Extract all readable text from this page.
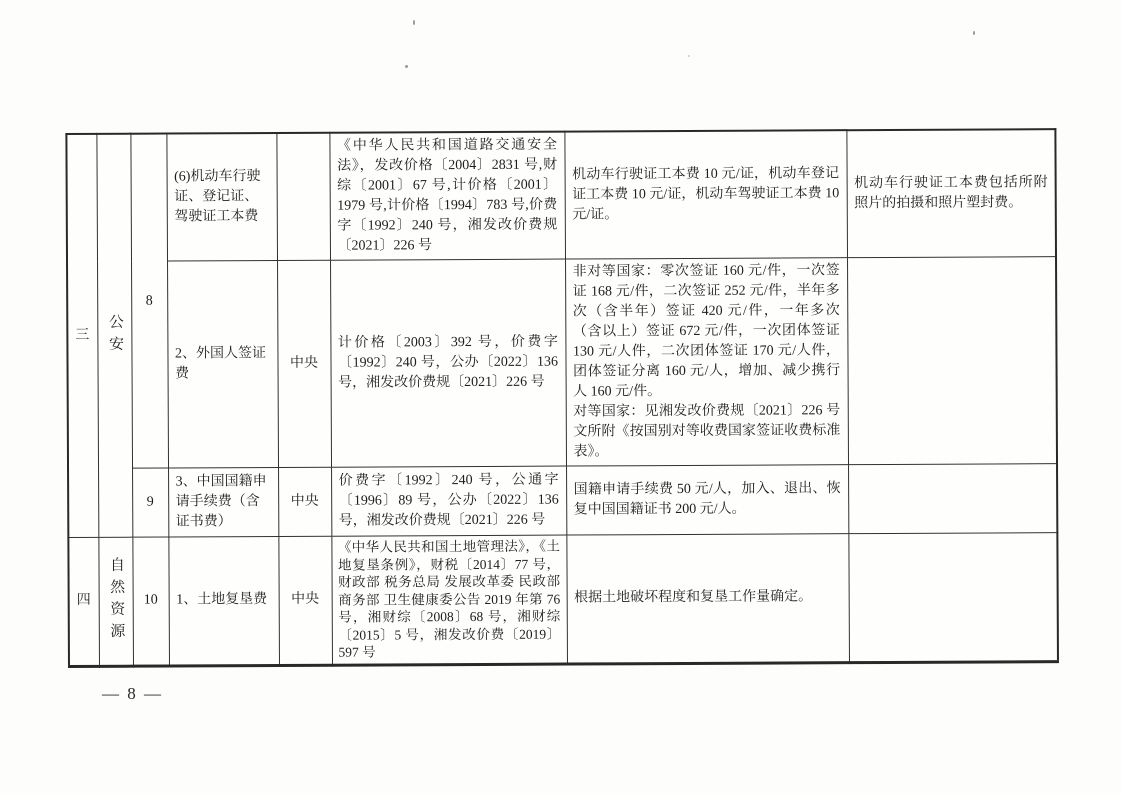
三	公安	8	(6)机动车行驶证、登记证、驾驶证工本费		《中华人民共和国道路交通安全法》，发改价格〔2004〕2831 号,财综〔2001〕67 号,计价格〔2001〕1979 号,计价格〔1994〕783 号,价费字〔1992〕240 号，湘发改价费规〔2021〕226 号	机动车行驶证工本费 10 元/证，机动车登记证工本费 10 元/证，机动车驾驶证工本费 10 元/证。	机动车行驶证工本费包括所附照片的拍摄和照片塑封费。
			2、外国人签证费	中央	计价格〔2003〕392 号，价费字〔1992〕240 号，公办〔2022〕136 号，湘发改价费规〔2021〕226 号	非对等国家：零次签证 160 元/件，一次签证 168 元/件，二次签证 252 元/件，半年多次（含半年）签证 420 元/件，一年多次（含以上）签证 672 元/件，一次团体签证 130 元/人件，二次团体签证 170 元/人件，团体签证分离 160 元/人，增加、减少携行人 160 元/件。
对等国家：见湘发改价费规〔2021〕226 号文所附《按国别对等收费国家签证收费标准表》。	

		9	3、中国国籍申请手续费（含证书费）	中央	价费字〔1992〕240 号，公通字〔1996〕89 号，公办〔2022〕136 号，湘发改价费规〔2021〕226 号	国籍申请手续费 50 元/人，加入、退出、恢复中国国籍证书 200 元/人。	
四	自然资源	10	1、土地复垦费	中央	《中华人民共和国土地管理法》，《土地复垦条例》，财税〔2014〕77 号，财政部 税务总局 发展改革委 民政部 商务部 卫生健康委公告 2019 年第 76 号，湘财综〔2008〕68 号，湘财综〔2015〕5 号，湘发改价费〔2019〕597 号	根据土地破坏程度和复垦工作量确定。	
— 8 —
